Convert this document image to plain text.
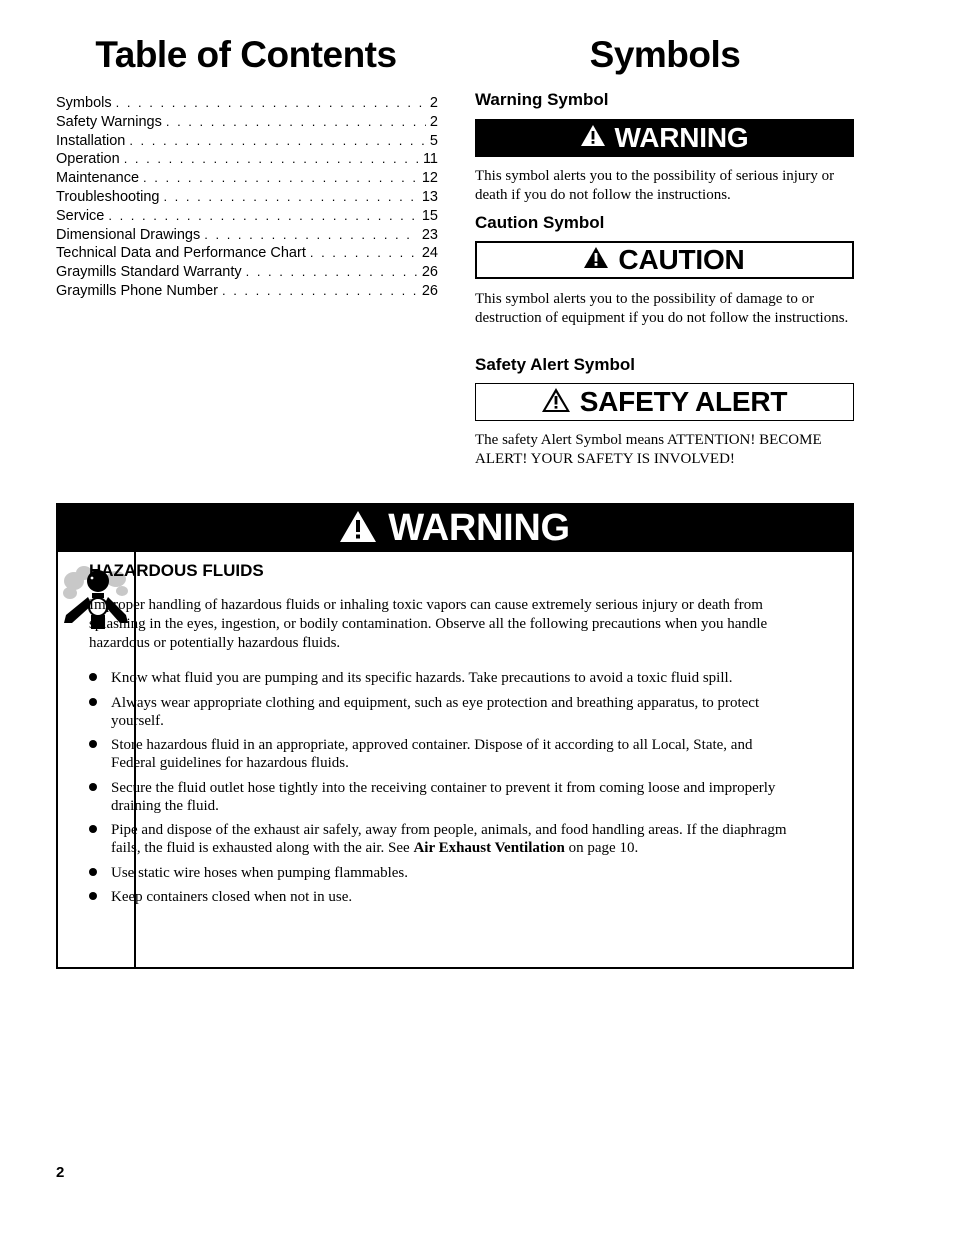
Table of Contents
Symbols . . .	2
Safety Warnings . . .	2
Installation . . .	5
Operation . . .	11
Maintenance . . .	12
Troubleshooting . . .	13
Service . . .	15
Dimensional Drawings . . .	23
Technical Data and Performance Chart . . .	24
Graymills Standard Warranty . . .	26
Graymills Phone Number . . .	26
Symbols
Warning Symbol
WARNING

This symbol alerts you to the possibility of serious injury or death if you do not follow the instructions.

Caution Symbol
CAUTION

This symbol alerts you to the possibility of damage to or destruction of equipment if you do not follow the instructions.

Safety Alert Symbol
SAFETY ALERT

The safety Alert Symbol means ATTENTION! BECOME ALERT! YOUR SAFETY IS INVOLVED!

WARNING
HAZARDOUS FLUIDS

Improper handling of hazardous fluids or inhaling toxic vapors can cause extremely serious injury or death from splashing in the eyes, ingestion, or bodily contamination. Observe all the following precautions when you handle hazardous or potentially hazardous fluids.

Know what fluid you are pumping and its specific hazards. Take precautions to avoid a toxic fluid spill.
Always wear appropriate clothing and equipment, such as eye protection and breathing apparatus, to protect yourself.
Store hazardous fluid in an appropriate, approved container. Dispose of it according to all Local, State, and Federal guidelines for hazardous fluids.
Secure the fluid outlet hose tightly into the receiving container to prevent it from coming loose and improperly draining the fluid.
Pipe and dispose of the exhaust air safely, away from people, animals, and food handling areas. If the diaphragm fails, the fluid is exhausted along with the air. See Air Exhaust Ventilation on page 10.
Use static wire hoses when pumping flammables.
Keep containers closed when not in use.

2
